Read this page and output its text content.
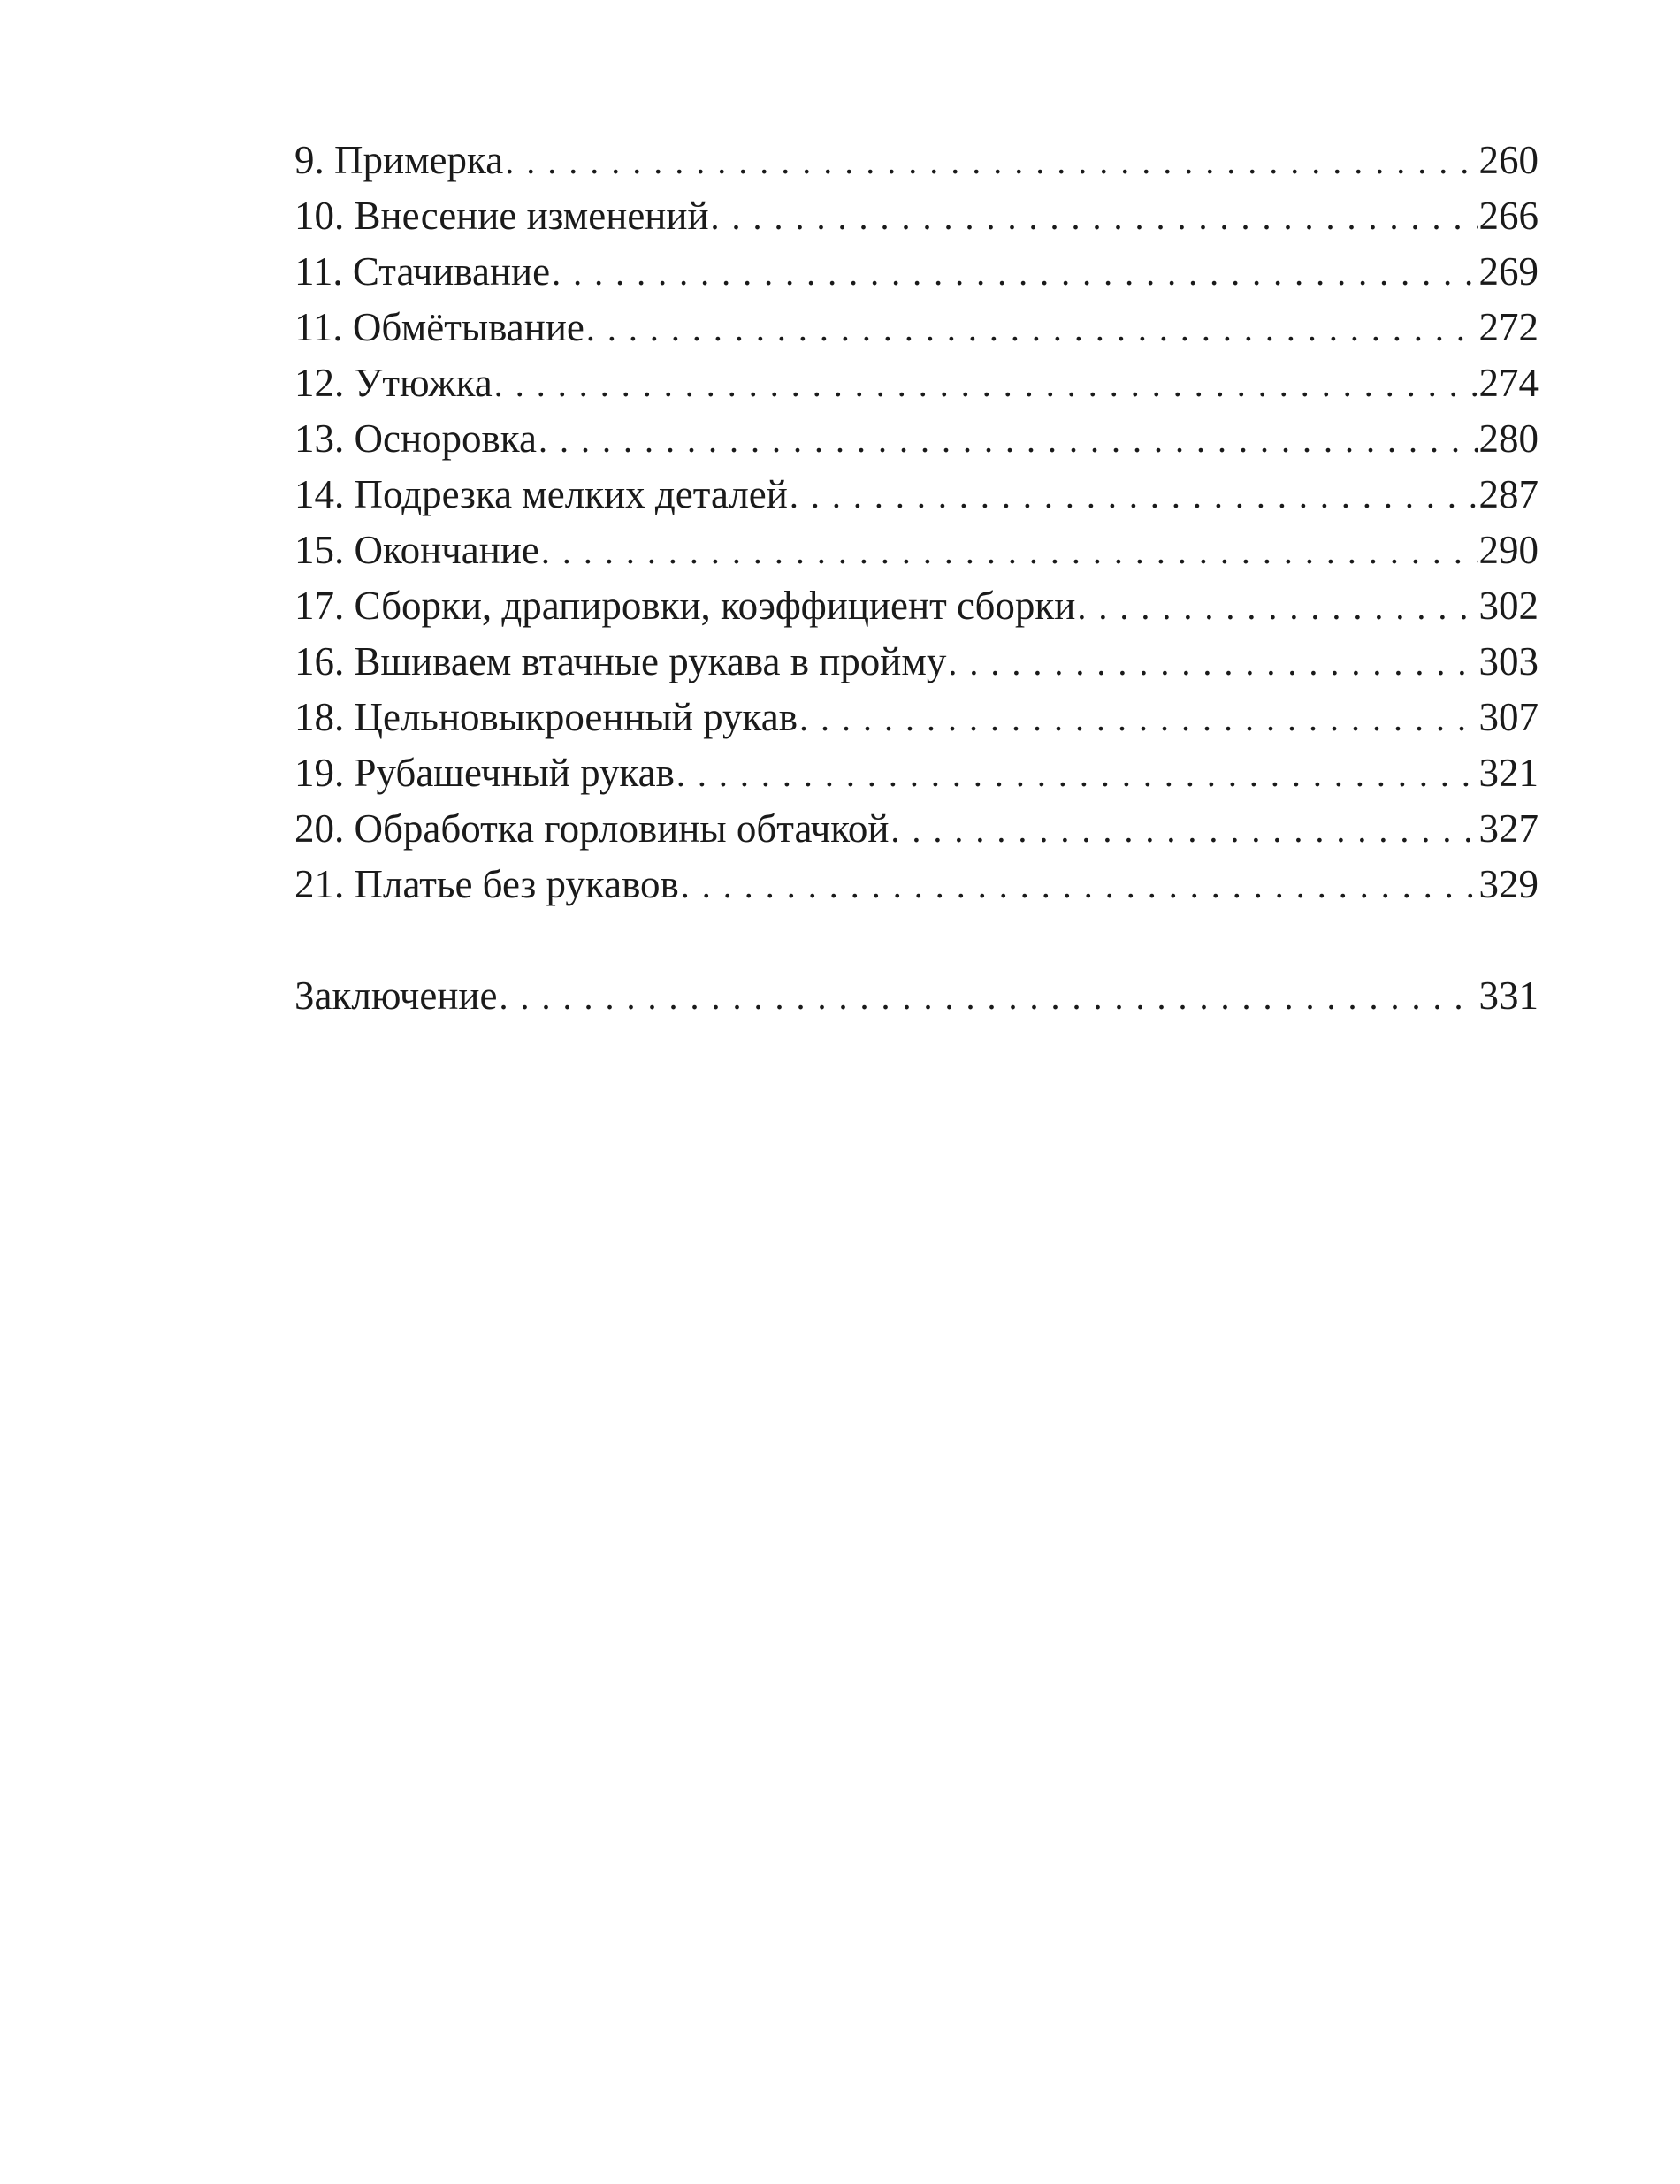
9. Примерка . . .	260
10. Внесение изменений . . .	266
11. Стачивание . . .	269
11. Обмётывание . . .	272
12. Утюжка . . .	274
13. Осноровка . . .	280
14. Подрезка мелких деталей . . .	287
15. Окончание . . .	290
17. Сборки, драпировки, коэффициент сборки . . .	302
16. Вшиваем втачные рукава в пройму . . .	303
18. Цельновыкроенный рукав . . .	307
19. Рубашечный рукав . . .	321
20. Обработка горловины обтачкой . . .	327
21. Платье без рукавов . . .	329
Заключение . . .	331
